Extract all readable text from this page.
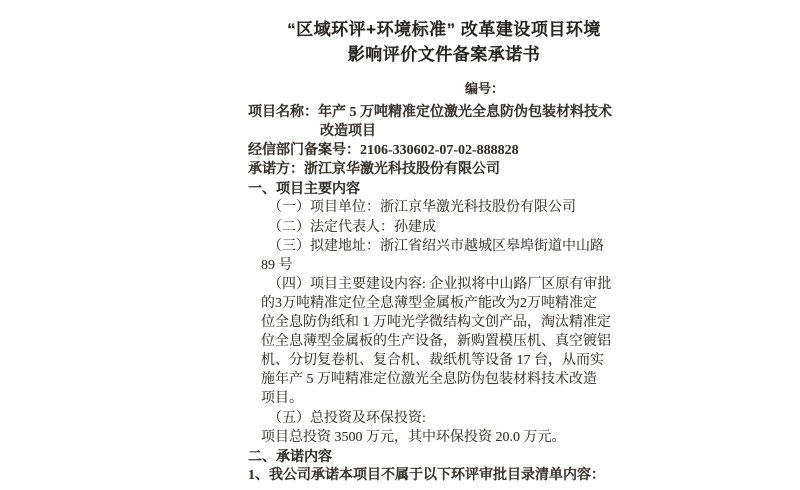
“区域环评+环境标准” 改革建设项目环境
影响评价文件备案承诺书
编号：
项目名称：年产 5 万吨精准定位激光全息防伪包装材料技术
改造项目
经信部门备案号：2106-330602-07-02-888828
承诺方：浙江京华激光科技股份有限公司
一、项目主要内容
（一）项目单位：浙江京华激光科技股份有限公司
（二）法定代表人：孙建成
（三）拟建地址：浙江省绍兴市越城区皋埠街道中山路
89 号
（四）项目主要建设内容: 企业拟将中山路厂区原有审批
的3万吨精准定位全息薄型金属板产能改为2万吨精准定
位全息防伪纸和 1 万吨光学微结构文创产品，淘汰精准定
位全息薄型金属板的生产设备，新购置模压机、真空镀铝
机、分切复卷机、复合机、裁纸机等设备 17 台，从而实
施年产 5 万吨精准定位激光全息防伪包装材料技术改造
项目。
（五）总投资及环保投资:
项目总投资 3500 万元，其中环保投资 20.0 万元。
二、承诺内容
1、我公司承诺本项目不属于以下环评审批目录清单内容：
